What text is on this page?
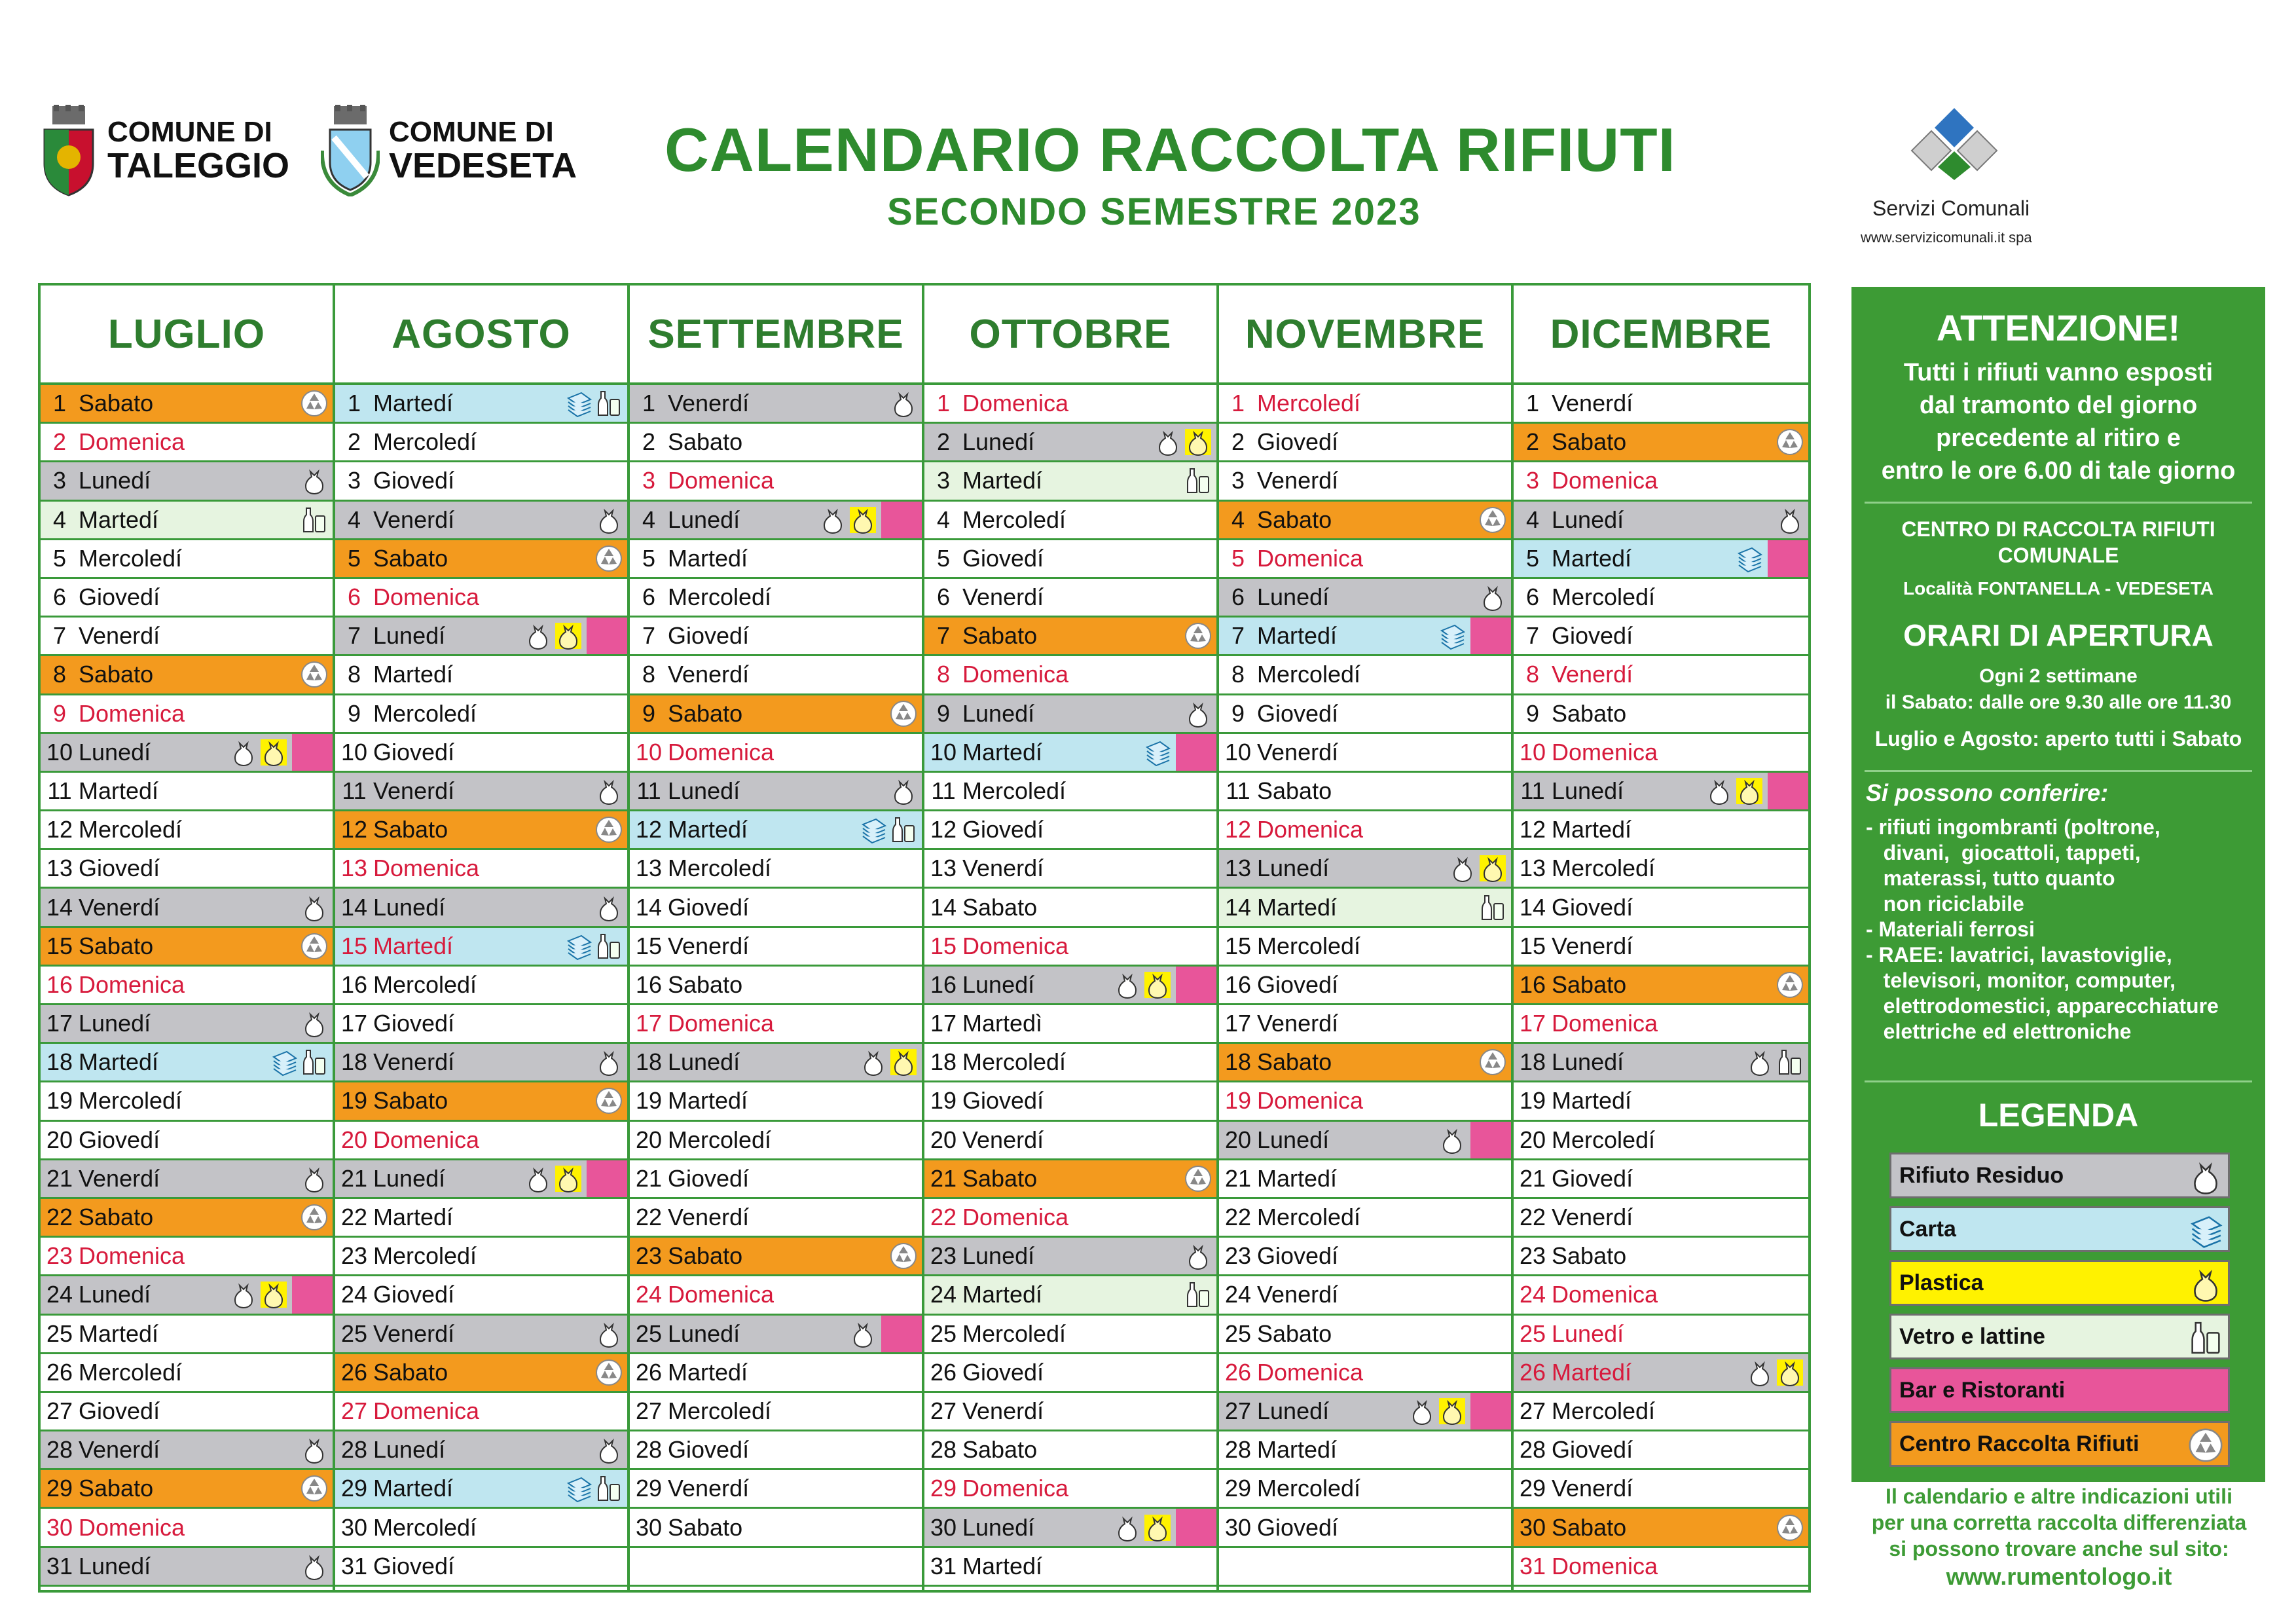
COMUNE DI
TALEGGIO
COMUNE DI
VEDESETA CALENDARIO RACCOLTA RIFIUTI
SECONDO SEMESTRE 2023	Servizi Comunali
www.servizicomunali.it spa
LUGLIO
1 Sabato
2 Domenica
3 Lunedí
4 Martedí
5 Mercoledí
6 Giovedí
7 Venerdí
8 Sabato
9 Domenica
10 Lunedí
11 Martedí
12 Mercoledí
13 Giovedí
14 Venerdí
15 Sabato
16 Domenica
17 Lunedí
18 Martedí
19 Mercoledí
20 Giovedí
21 Venerdí
22 Sabato
23 Domenica
24 Lunedí
25 Martedí
26 Mercoledí
27 Giovedí
28 Venerdí
29 Sabato
30 Domenica
31 Lunedí
AGOSTO
1 Martedí
2 Mercoledí
3 Giovedí
4 Venerdí
5 Sabato
6 Domenica
7 Lunedí
8 Martedí
9 Mercoledí
10 Giovedí
11 Venerdí
12 Sabato
13 Domenica
14 Lunedí
15 Martedí
16 Mercoledí
17 Giovedí
18 Venerdí
19 Sabato
20 Domenica
21 Lunedí
22 Martedí
23 Mercoledí
24 Giovedí
25 Venerdí
26 Sabato
27 Domenica
28 Lunedí
29 Martedí
30 Mercoledí
31 Giovedí
SETTEMBRE
1 Venerdí
2 Sabato
3 Domenica
4 Lunedí
5 Martedí
6 Mercoledí
7 Giovedí
8 Venerdí
9 Sabato
10 Domenica
11 Lunedí
12 Martedí
13 Mercoledí
14 Giovedí
15 Venerdí
16 Sabato
17 Domenica
18 Lunedí
19 Martedí
20 Mercoledí
21 Giovedí
22 Venerdí
23 Sabato
24 Domenica
25 Lunedí
26 Martedí
27 Mercoledí
28 Giovedí
29 Venerdí
30 Sabato
OTTOBRE
1 Domenica
2 Lunedí
3 Martedí
4 Mercoledí
5 Giovedí
6 Venerdí
7 Sabato
8 Domenica
9 Lunedí
10 Martedí
11 Mercoledí
12 Giovedí
13 Venerdí
14 Sabato
15 Domenica
16 Lunedí
17 Martedì
18 Mercoledí
19 Giovedí
20 Venerdí
21 Sabato
22 Domenica
23 Lunedí
24 Martedí
25 Mercoledí
26 Giovedí
27 Venerdí
28 Sabato
29 Domenica
30 Lunedí
31 Martedí
NOVEMBRE
1 Mercoledí
2 Giovedí
3 Venerdí
4 Sabato
5 Domenica
6 Lunedí
7 Martedí
8 Mercoledí
9 Giovedí
10 Venerdí
11 Sabato
12 Domenica
13 Lunedí
14 Martedí
15 Mercoledí
16 Giovedí
17 Venerdí
18 Sabato
19 Domenica
20 Lunedí
21 Martedí
22 Mercoledí
23 Giovedí
24 Venerdí
25 Sabato
26 Domenica
27 Lunedí
28 Martedí
29 Mercoledí
30 Giovedí
DICEMBRE
1 Venerdí
2 Sabato
3 Domenica
4 Lunedí
5 Martedí
6 Mercoledí
7 Giovedí
8 Venerdí
9 Sabato
10 Domenica
11 Lunedí
12 Martedí
13 Mercoledí
14 Giovedí
15 Venerdí
16 Sabato
17 Domenica
18 Lunedí
19 Martedí
20 Mercoledí
21 Giovedí
22 Venerdí
23 Sabato
24 Domenica
25 Lunedí
26 Martedí
27 Mercoledí
28 Giovedí
29 Venerdí
30 Sabato
31 Domenica
ATTENZIONE!
Tutti i rifiuti vanno esposti
dal tramonto del giorno
precedente al ritiro e
entro le ore 6.00 di tale giorno
CENTRO DI RACCOLTA RIFIUTI
COMUNALE
Località FONTANELLA - VEDESETA
ORARI DI APERTURA
Ogni 2 settimane
il Sabato: dalle ore 9.30 alle ore 11.30
Luglio e Agosto: aperto tutti i Sabato
Si possono conferire:
- rifiuti ingombranti (poltrone,
divani,  giocattoli, tappeti,
materassi, tutto quanto
non riciclabile
- Materiali ferrosi
- RAEE: lavatrici, lavastoviglie,
televisori, monitor, computer,
elettrodomestici, apparecchiature
elettriche ed elettroniche
LEGENDA
Rifiuto Residuo
Carta
Plastica
Vetro e lattine
Bar e Ristoranti
Centro Raccolta Rifiuti
Il calendario e altre indicazioni utili
per una corretta raccolta differenziata
si possono trovare anche sul sito:
www.rumentologo.it
